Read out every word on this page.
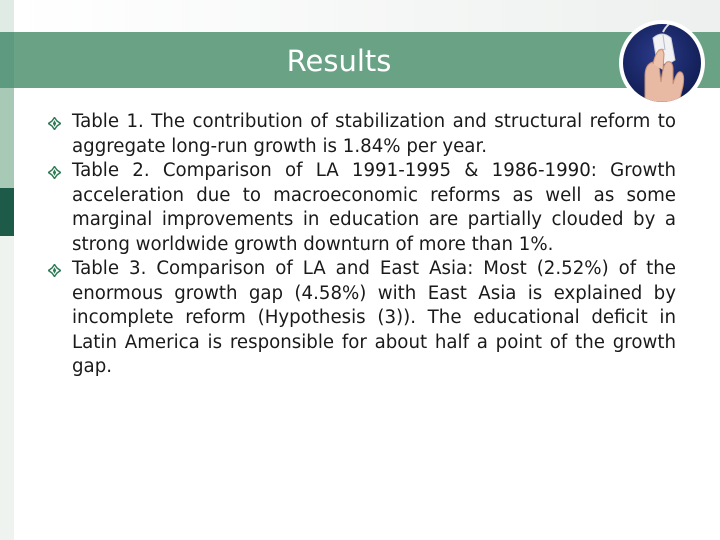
Results

Table 1. The contribution of stabilization and structural reform to aggregate long-run growth is 1.84% per year.

Table 2. Comparison of LA 1991-1995 & 1986-1990: Growth acceleration due to macroeconomic reforms as well as some marginal improvements in education are partially clouded by a strong worldwide growth downturn of more than 1%.

Table 3. Comparison of LA and East Asia: Most (2.52%) of the enormous growth gap (4.58%) with East Asia is explained by incomplete reform (Hypothesis (3)). The educational deficit in Latin America is responsible for about half a point of the growth gap.
